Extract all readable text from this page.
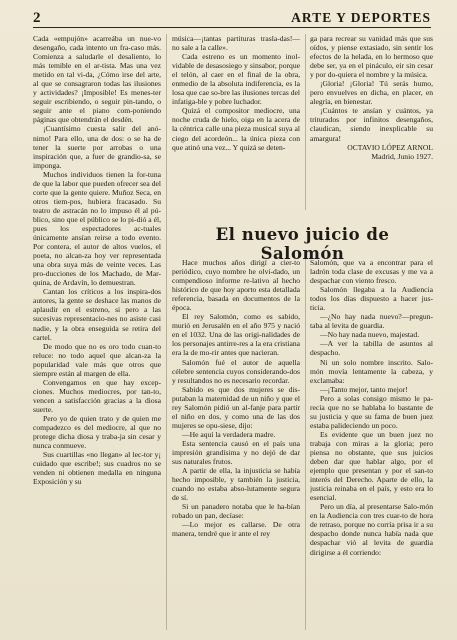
2	ARTE Y DEPORTES

Cada «empujón» acarreába un nue-vo desengaño, cada intento un fra-caso más. Comienza a saludarle el desaliento, lo más temible en el ar-tista. Mas una vez metido en tal vi-da, ¿Cómo irse del arte, al que se consagraron todas las ilusiones y actividades? ¡Imposible! Es menes-ter seguir escribiendo, o seguir pin-tando, o seguir ante el piano com-poniendo páginas que obtendrán el desdén.

¡Cuantísimo cuesta salir del anó-nimo! Para ello, una de dos: o se ha de tener la suerte por arrobas o una inspiración que, a fuer de grandio-sa, se imponga.

Muchos individuos tienen la for-tuna de que la labor que pueden ofrecer sea del corte que la gente quiere. Muñoz Seca, en otros tiem-pos, hubiera fracasado. Su teatro de astracán no lo impuso él al pú-blico, sino que el público se lo pi-dió a él, pues los espectadores ac-tuales únicamente ansían reirse a todo evento. Por contera, el autor de altos vuelos, el poeta, no alcan-za hoy ver representada una obra suya más de veinte veces. Las pro-ducciones de los Machado, de Mar-quina, de Ardavín, lo demuestran.

Cantan los críticos a los inspira-dos autores, la gente se deshace las manos de aplaudir en el estreno, si pero a las sucesivas representacio-nes no asiste casi nadie, y la obra enseguida se retira del cartel.

De modo que no es oro todo cuan-to reluce: no todo aquel que alcan-za la popularidad vale más que otros que siempre están al margen de ella.

Convengamos en que hay excep-ciones. Muchos mediocres, por tan-to, vencen a satisfacción gracias a la diosa suerte.

Pero yo de quien trato y de quien me compadezco es del mediocre, al que no protege dicha diosa y traba-ja sin cesar y nunca conmueve.

Sus cuartillas «no llegan» al lec-tor y¡ cuidado que escribe!; sus cuadros no se venden ni obtienen medalla en ninguna Exposición y su

música—¡tantas partituras trasla-das!—no sale a la calle».

Cada estreno es un momento inol-vidable de desasosiego y sinsabor, porque el telón, al caer en el final de la obra, enmedio de la absoluta indiferencia, es la losa que cae so-bre las ilusiones tercas del infatiga-ble y pobre luchador.

Quizá el compositor mediocre, una noche cruda de hielo, oiga en la acera de la céntrica calle una pieza musical suya al ciego del acordeón... la única pieza con que atinó una vez... Y quizá se deten-

ga para recrear su vanidad más que sus oídos, y piense extasiado, sin sentir los efectos de la helada, en lo hermoso que debe ser, ya en el pináculo, eir sin cesar y por do-quiera el nombre y la música.

¡Gloria! ¡Gloria! Tú serás humo, pero envuelves en dicha, en placer, en alegría, en bienestar.

¡Cuántos te ansían y cuántos, ya triturados por infinitos desengaños, claudican, siendo inexplicable su amargura!

OCTAVIO LÓPEZ ARNOL

Madrid, Junio 1927.

El nuevo juicio de Salomón

Hace muchos años dirigí a cier-to periódico, cuyo nombre he olvi-dado, un compendioso informe re-lativo al hecho histórico de que hoy aporto esta detallada referencia, basada en documentos de la época.

El rey Salomón, como es sabido, murió en Jerusalén en el año 975 y nació en el 1032. Una de las origi-nalidades de los personajes antirre-res a la era cristiana era la de mo-rir antes que nacieran.

Salomón fué el autor de aquella célebre sentencia cuyos considerando-dos y resultandos no es necesario recordar.

Sabido es que dos mujeres se dis-putaban la maternidad de un niño y que el rey Salomón pidió un al-fanje para partir el niño en dos, y como una de las dos mujeres se opu-siese, dijo:

—He aquí la verdadera madre.

Esta sentencia causó en el país una impresión grandísima y no dejó de dar sus naturales frutos.

A partir de ella, la injusticia se había hecho imposible, y también la justicia, cuando no estaba abso-lutamente segura de sí.

Si un panadero notaba que le ha-bían robado un pan, decíase:

—Lo mejor es callarse. De otra manera, tendré que ir ante el rey

Salomón, que va a encontrar para el ladrón toda clase de excusas y me va a despachar con viento fresco.

Salomón llegaba a la Audiencia todos los días dispuesto a hacer jus-ticia.

—¿No hay nada nuevo?—pregun-taba al levita de guardia.

—No hay nada nuevo, majestad.

—A ver la tabilla de asuntos al despacho.

Ni un solo nombre inscrito. Salo-món movía lentamente la cabeza, y exclamaba:

—¡Tanto mejor, tanto mejor!

Pero a solas consigo mismo le pa-recía que no se hablaba lo bastante de su justicia y que su fama de buen juez estaba palideciendo un poco.

Es evidente que un buen juez no trabaja con miras a la gloria; pero piensa no obstante, que sus juicios deben dar que hablar algo, por el ejemplo que presentan y por el san-to interés del Derecho. Aparte de ello, la justicia reinaba en el país, y esto era lo esencial.

Pero un día, al presentarse Salo-món en la Audiencia con tres cuar-to de hora de retraso, porque no corría prisa ir a su despacho donde nunca había nada que despachar vió al levita de guardia dirigirse a él corriendo:
